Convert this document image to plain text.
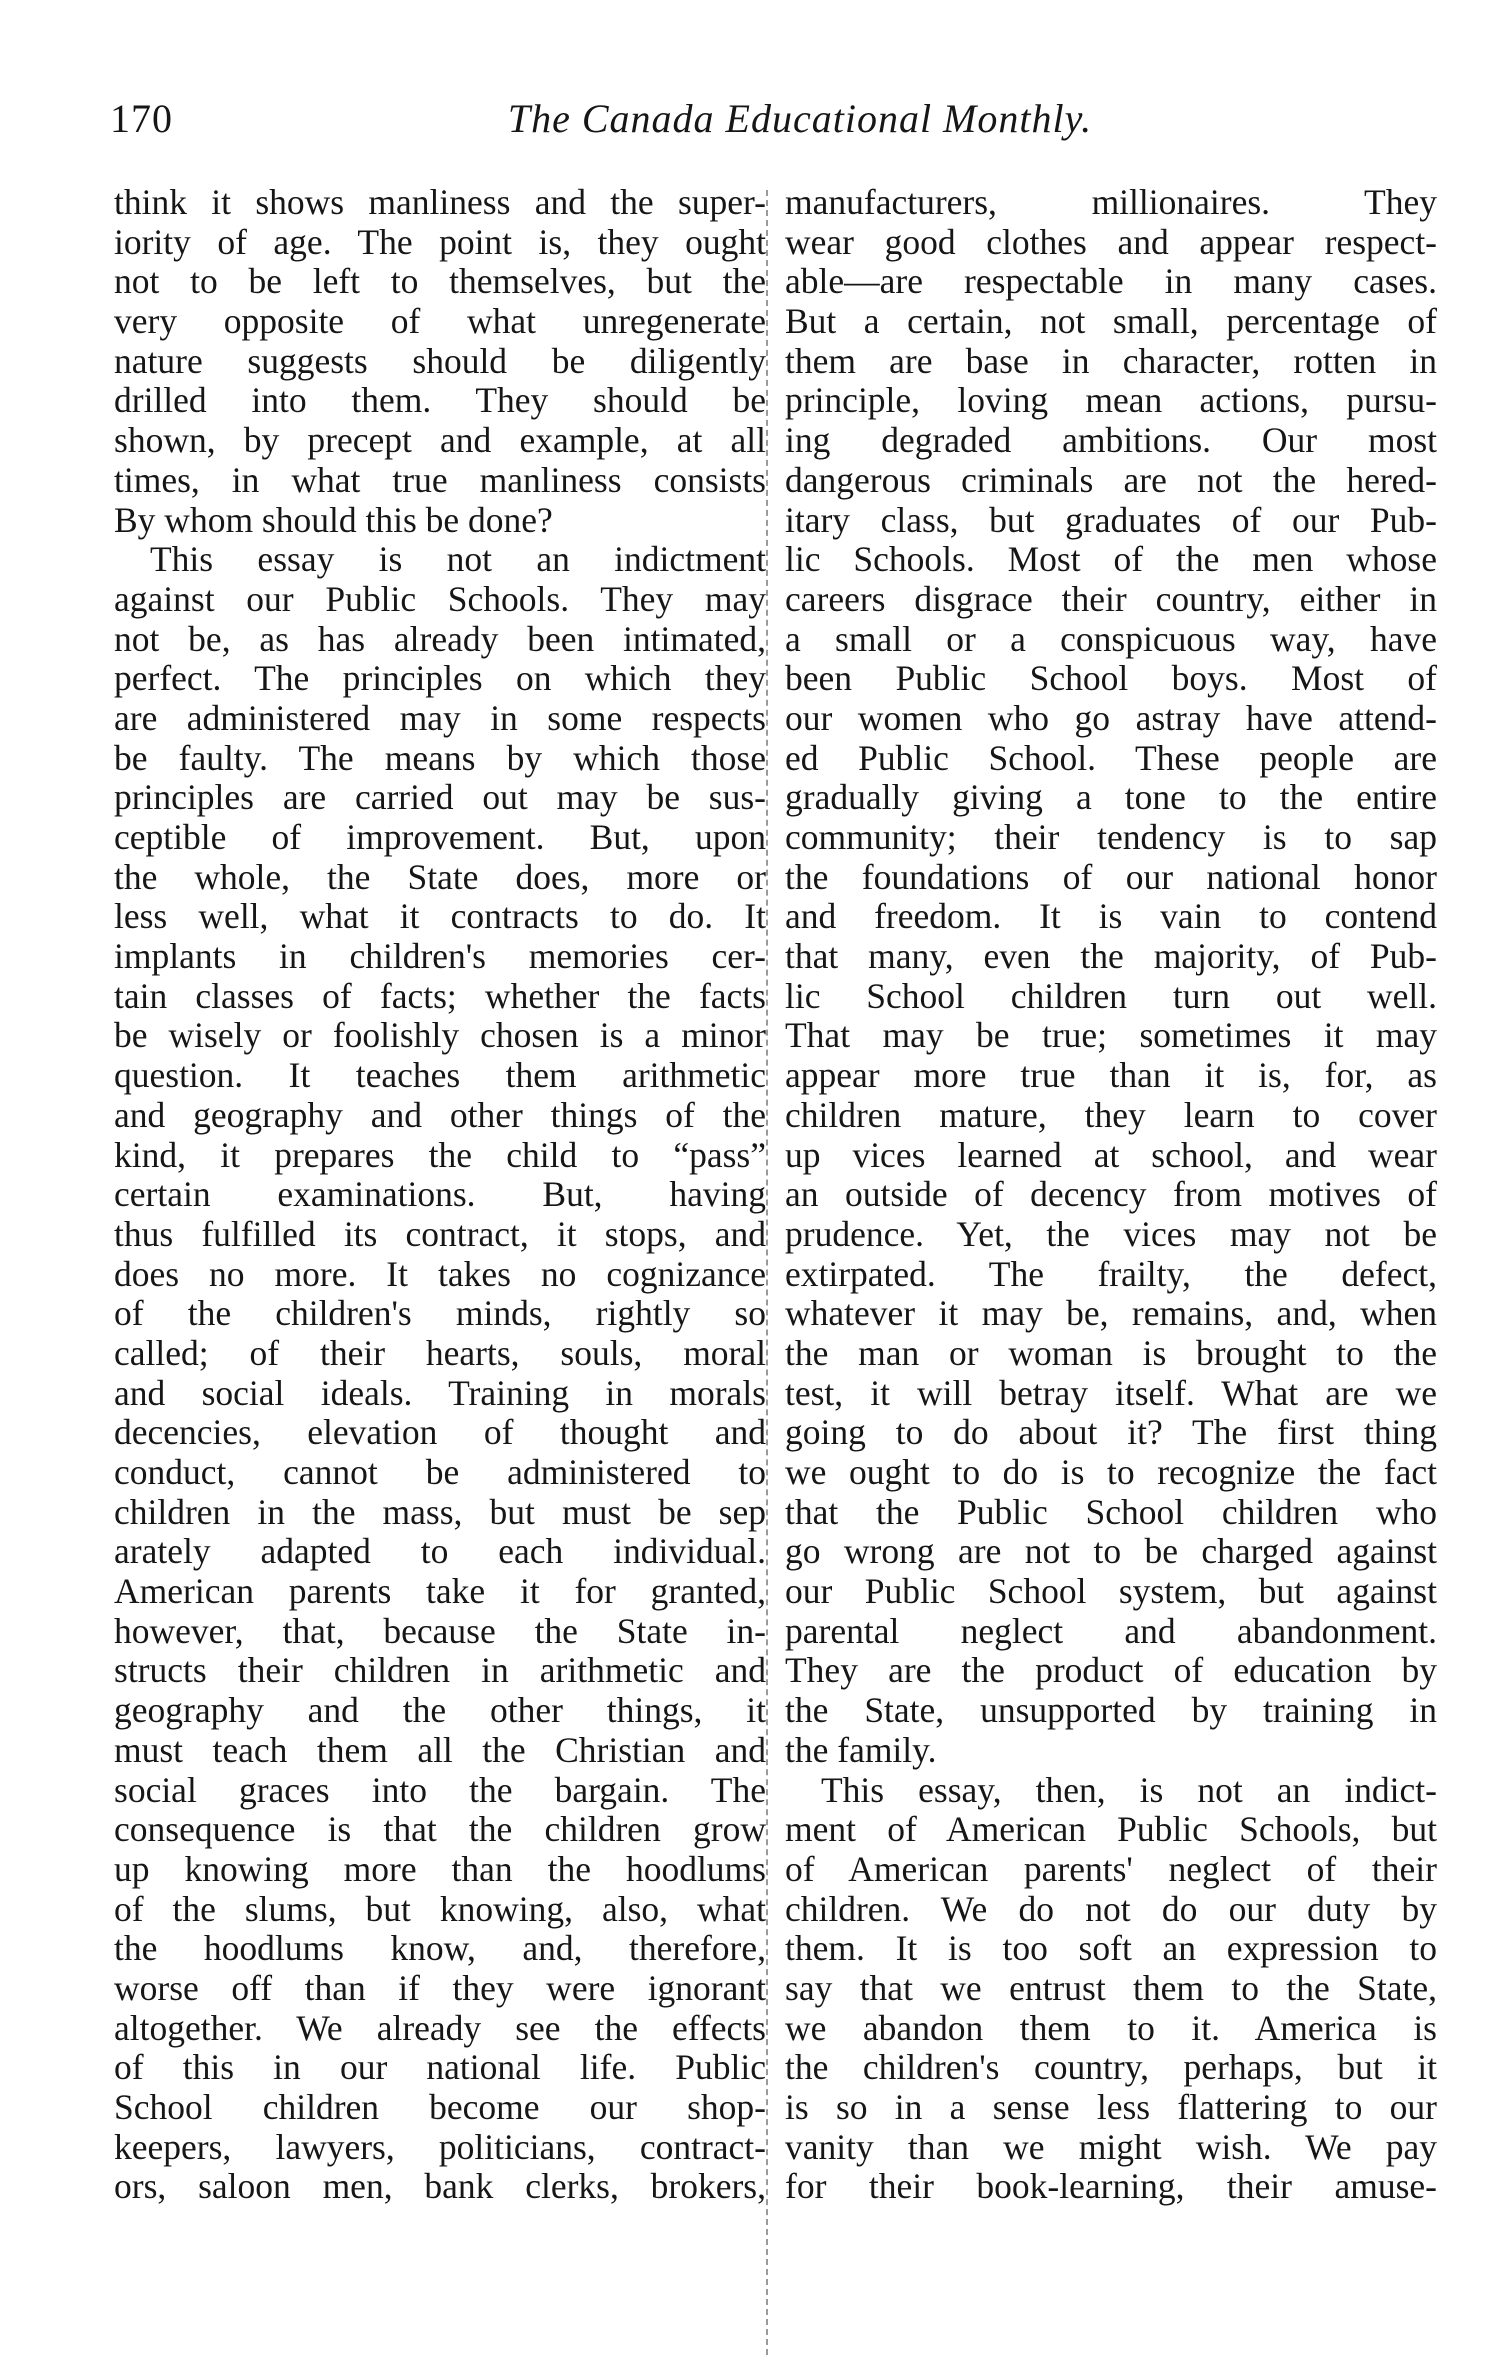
170	The Canada Educational Monthly.
think it shows manliness and the super-
iority of age. The point is, they ought
not to be left to themselves, but the
very opposite of what unregenerate
nature suggests should be diligently
drilled into them. They should be
shown, by precept and example, at all
times, in what true manliness consists
By whom should this be done?
This essay is not an indictment
against our Public Schools. They may
not be, as has already been intimated,
perfect. The principles on which they
are administered may in some respects
be faulty. The means by which those
principles are carried out may be sus-
ceptible of improvement. But, upon
the whole, the State does, more or
less well, what it contracts to do. It
implants in children's memories cer-
tain classes of facts; whether the facts
be wisely or foolishly chosen is a minor
question. It teaches them arithmetic
and geography and other things of the
kind, it prepares the child to “pass”
certain examinations. But, having
thus fulfilled its contract, it stops, and
does no more. It takes no cognizance
of the children's minds, rightly so
called; of their hearts, souls, moral
and social ideals. Training in morals
decencies, elevation of thought and
conduct, cannot be administered to
children in the mass, but must be sep
arately adapted to each individual.
American parents take it for granted,
however, that, because the State in-
structs their children in arithmetic and
geography and the other things, it
must teach them all the Christian and
social graces into the bargain. The
consequence is that the children grow
up knowing more than the hoodlums
of the slums, but knowing, also, what
the hoodlums know, and, therefore,
worse off than if they were ignorant
altogether. We already see the effects
of this in our national life. Public
School children become our shop-
keepers, lawyers, politicians, contract-
ors, saloon men, bank clerks, brokers,
manufacturers, millionaires. They
wear good clothes and appear respect-
able—are respectable in many cases.
But a certain, not small, percentage of
them are base in character, rotten in
principle, loving mean actions, pursu-
ing degraded ambitions. Our most
dangerous criminals are not the hered-
itary class, but graduates of our Pub-
lic Schools. Most of the men whose
careers disgrace their country, either in
a small or a conspicuous way, have
been Public School boys. Most of
our women who go astray have attend-
ed Public School. These people are
gradually giving a tone to the entire
community; their tendency is to sap
the foundations of our national honor
and freedom. It is vain to contend
that many, even the majority, of Pub-
lic School children turn out well.
That may be true; sometimes it may
appear more true than it is, for, as
children mature, they learn to cover
up vices learned at school, and wear
an outside of decency from motives of
prudence. Yet, the vices may not be
extirpated. The frailty, the defect,
whatever it may be, remains, and, when
the man or woman is brought to the
test, it will betray itself. What are we
going to do about it? The first thing
we ought to do is to recognize the fact
that the Public School children who
go wrong are not to be charged against
our Public School system, but against
parental neglect and abandonment.
They are the product of education by
the State, unsupported by training in
the family.
This essay, then, is not an indict-
ment of American Public Schools, but
of American parents' neglect of their
children. We do not do our duty by
them. It is too soft an expression to
say that we entrust them to the State,
we abandon them to it. America is
the children's country, perhaps, but it
is so in a sense less flattering to our
vanity than we might wish. We pay
for their book-learning, their amuse-
